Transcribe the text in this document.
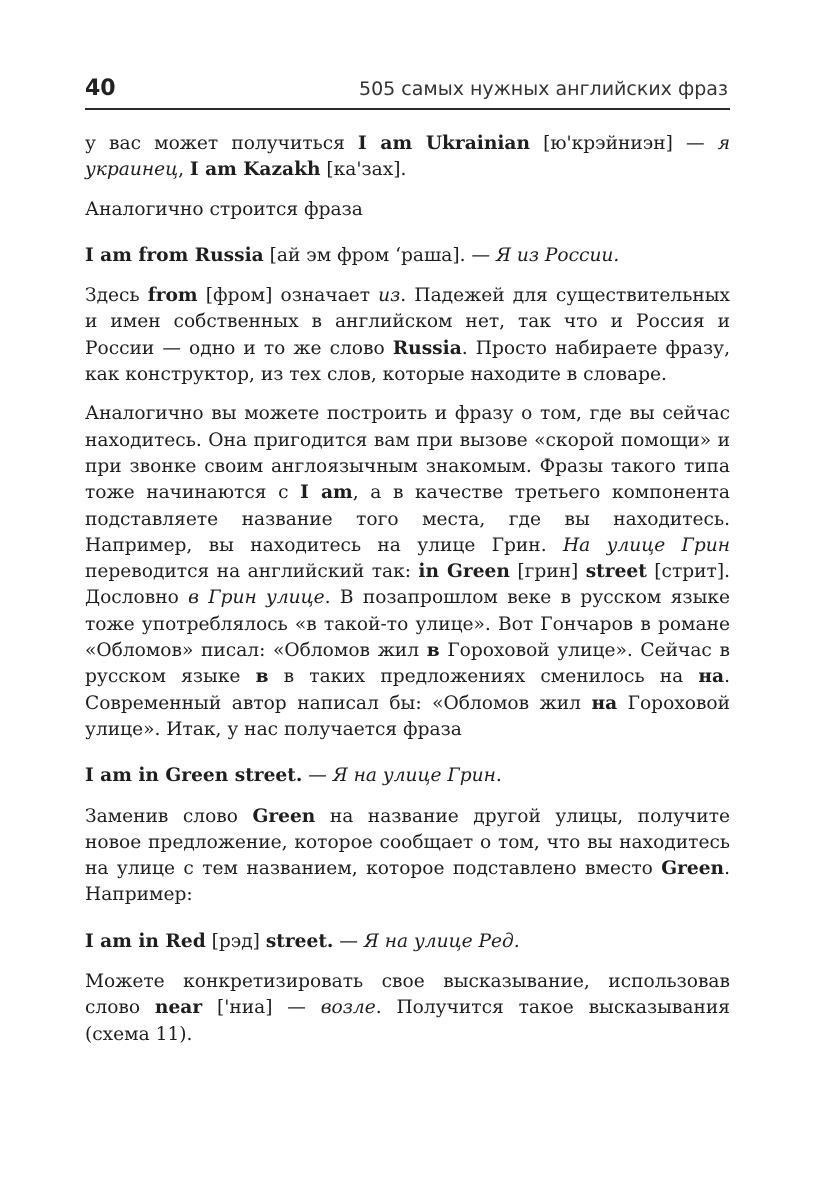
40	505 самых нужных английских фраз

у вас может получиться I am Ukrainian [ю'крэйниэн] — я украинец, I am Kazakh [ка'зах].

Аналогично строится фраза

I am from Russia [ай эм фром ‘раша]. — Я из России.

Здесь from [фром] означает из. Падежей для существительных и имен собственных в английском нет, так что и Россия и России — одно и то же слово Russia. Просто набираете фразу, как конструктор, из тех слов, которые находите в словаре.

Аналогично вы можете построить и фразу о том, где вы сейчас находитесь. Она пригодится вам при вызове «скорой помощи» и при звонке своим англоязычным знакомым. Фразы такого типа тоже начинаются с I am, а в качестве третьего компонента подставляете название того места, где вы находитесь. Например, вы находитесь на улице Грин. На улице Грин переводится на английский так: in Green [грин] street [стрит]. Дословно в Грин улице. В позапрошлом веке в русском языке тоже употреблялось «в такой-то улице». Вот Гончаров в романе «Обломов» писал: «Обломов жил в Гороховой улице». Сейчас в русском языке в в таких предложениях сменилось на на. Современный автор написал бы: «Обломов жил на Гороховой улице». Итак, у нас получается фраза

I am in Green street. — Я на улице Грин.

Заменив слово Green на название другой улицы, получите новое предложение, которое сообщает о том, что вы находитесь на улице с тем названием, которое подставлено вместо Green. Например:

I am in Red [рэд] street. — Я на улице Ред.

Можете конкретизировать свое высказывание, использовав слово near ['ниа] — возле. Получится такое высказывания (схема 11).
